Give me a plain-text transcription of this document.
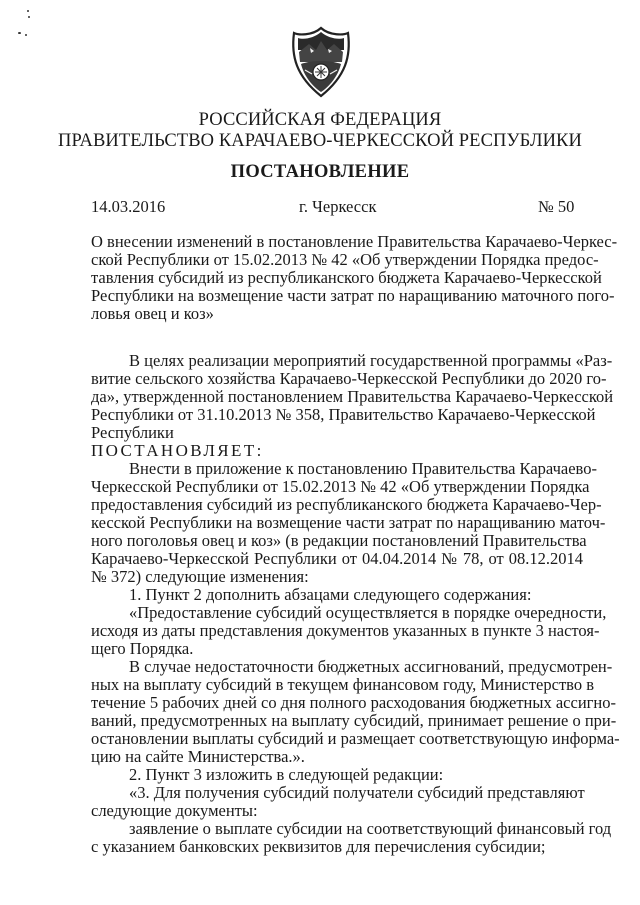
РОССИЙСКАЯ ФЕДЕРАЦИЯ
ПРАВИТЕЛЬСТВО КАРАЧАЕВО-ЧЕРКЕССКОЙ РЕСПУБЛИКИ
ПОСТАНОВЛЕНИЕ
14.03.2016	г. Черкесск	№ 50
О внесении изменений в постановление Правительства Карачаево-Черкес-
ской Республики от 15.02.2013 № 42 «Об утверждении Порядка предос-
тавления субсидий из республиканского бюджета Карачаево-Черкесской
Республики на возмещение части затрат по наращиванию маточного пого-
ловья овец и коз»
В целях реализации мероприятий государственной программы «Раз-
витие сельского хозяйства Карачаево-Черкесской Республики до 2020 го-
да», утвержденной постановлением Правительства Карачаево-Черкесской
Республики от 31.10.2013 № 358, Правительство Карачаево-Черкесской
Республики
ПОСТАНОВЛЯЕТ:
Внести в приложение к постановлению Правительства Карачаево-
Черкесской Республики от 15.02.2013 № 42 «Об утверждении Порядка
предоставления субсидий из республиканского бюджета Карачаево-Чер-
кесской Республики на возмещение части затрат по наращиванию маточ-
ного поголовья овец и коз» (в редакции постановлений Правительства
Карачаево-Черкесской Республики от 04.04.2014 № 78, от 08.12.2014
№ 372) следующие изменения:
1. Пункт 2 дополнить абзацами следующего содержания:
«Предоставление субсидий осуществляется в порядке очередности,
исходя из даты представления документов указанных в пункте 3 настоя-
щего Порядка.
В случае недостаточности бюджетных ассигнований, предусмотрен-
ных на выплату субсидий в текущем финансовом году, Министерство в
течение 5 рабочих дней со дня полного расходования бюджетных ассигно-
ваний, предусмотренных на выплату субсидий, принимает решение о при-
остановлении выплаты субсидий и размещает соответствующую информа-
цию на сайте Министерства.».
2. Пункт 3 изложить в следующей редакции:
«3. Для получения субсидий получатели субсидий представляют
следующие документы:
заявление о выплате субсидии на соответствующий финансовый год
с указанием банковских реквизитов для перечисления субсидии;
